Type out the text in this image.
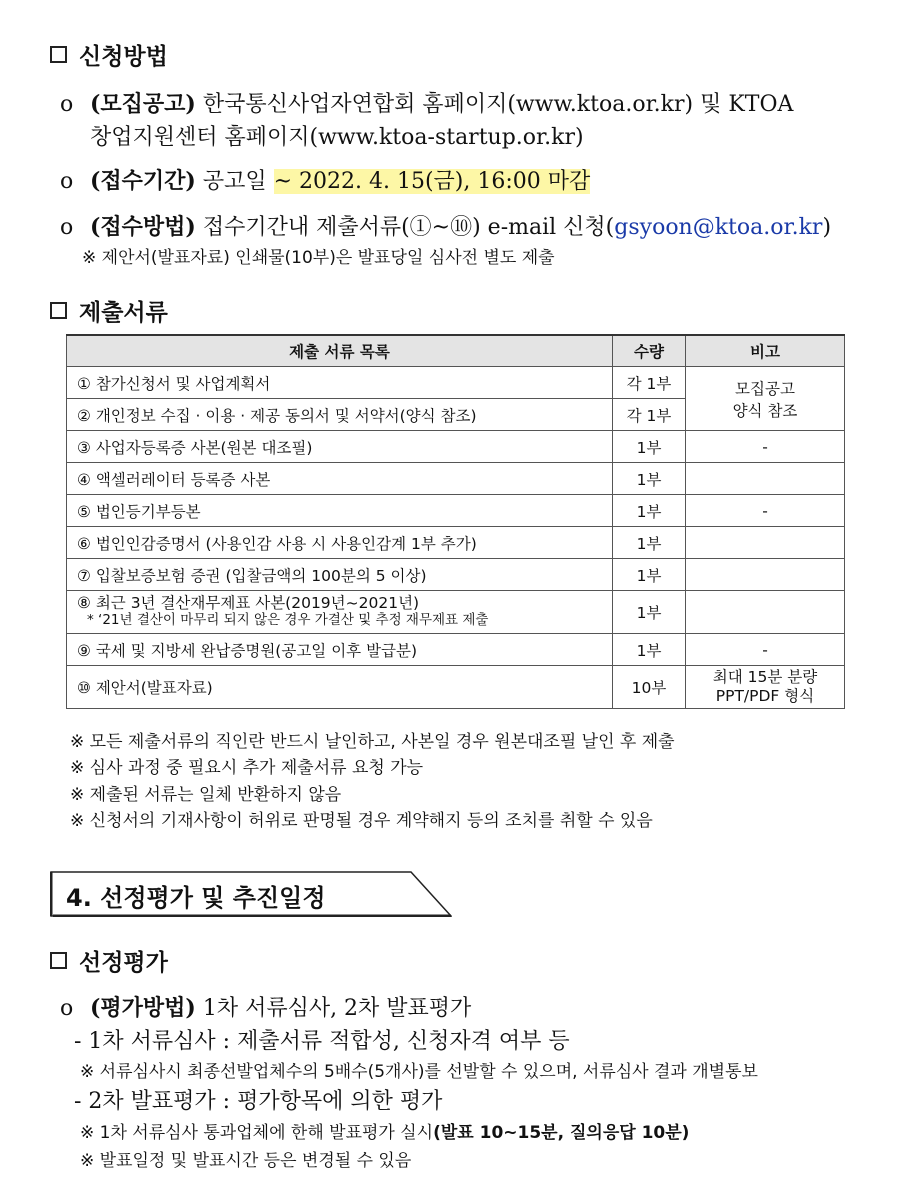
신청방법
o (모집공고) 한국통신사업자연합회 홈페이지(www.ktoa.or.kr) 및 KTOA
창업지원센터 홈페이지(www.ktoa-startup.or.kr)
o (접수기간) 공고일 ~ 2022. 4. 15(금), 16:00 마감
o (접수방법) 접수기간내 제출서류(①~⑩) e-mail 신청(gsyoon@ktoa.or.kr)
※ 제안서(발표자료) 인쇄물(10부)은 발표당일 심사전 별도 제출
제출서류
제출 서류 목록	수량	비고
① 참가신청서 및 사업계획서	각 1부	모집공고
양식 참조

② 개인정보 수집 · 이용 · 제공 동의서 및 서약서(양식 참조)	각 1부	
③ 사업자등록증 사본(원본 대조필)	1부	-
④ 액셀러레이터 등록증 사본	1부	
⑤ 법인등기부등본	1부	-
⑥ 법인인감증명서 (사용인감 사용 시 사용인감계 1부 추가)	1부	
⑦ 입찰보증보험 증권 (입찰금액의 100분의 5 이상)	1부	

⑧ 최근 3년 결산재무제표 사본(2019년~2021년)
* ‘21년 결산이 마무리 되지 않은 경우 가결산 및 추정 재무제표 제출	1부	
⑨ 국세 및 지방세 완납증명원(공고일 이후 발급분)	1부	-
⑩ 제안서(발표자료)	10부	최대 15분 분량
PPT/PDF 형식
※ 모든 제출서류의 직인란 반드시 날인하고, 사본일 경우 원본대조필 날인 후 제출
※ 심사 과정 중 필요시 추가 제출서류 요청 가능
※ 제출된 서류는 일체 반환하지 않음
※ 신청서의 기재사항이 허위로 판명될 경우 계약해지 등의 조치를 취할 수 있음
4. 선정평가 및 추진일정
선정평가
o (평가방법) 1차 서류심사, 2차 발표평가
- 1차 서류심사 : 제출서류 적합성, 신청자격 여부 등
※ 서류심사시 최종선발업체수의 5배수(5개사)를 선발할 수 있으며, 서류심사 결과 개별통보
- 2차 발표평가 : 평가항목에 의한 평가
※ 1차 서류심사 통과업체에 한해 발표평가 실시(발표 10~15분, 질의응답 10분)
※ 발표일정 및 발표시간 등은 변경될 수 있음
